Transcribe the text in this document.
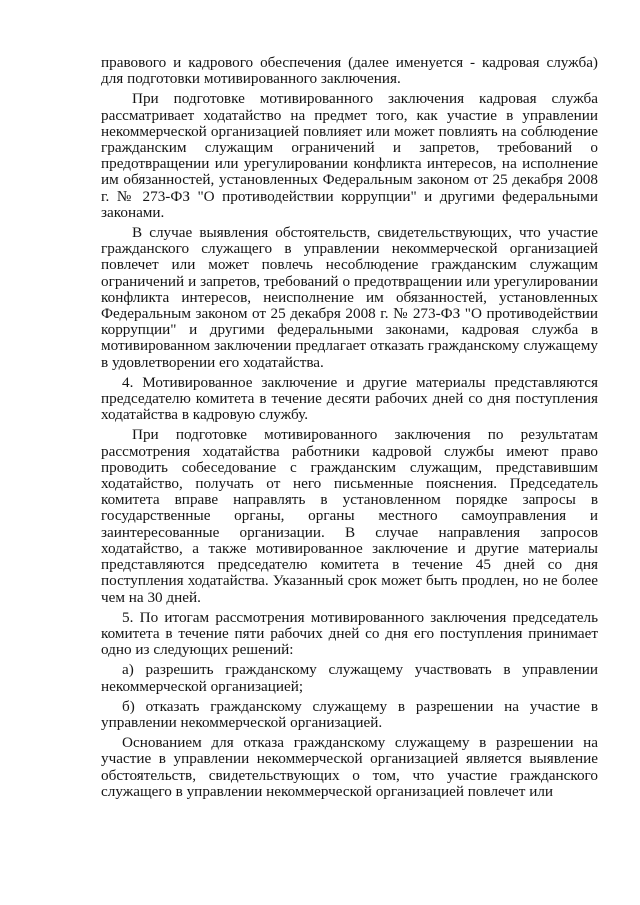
правового и кадрового обеспечения (далее именуется - кадровая служба) для подготовки мотивированного заключения.

При подготовке мотивированного заключения кадровая служба рассматривает ходатайство на предмет того, как участие в управлении некоммерческой организацией повлияет или может повлиять на соблюдение гражданским служащим ограничений и запретов, требований о предотвращении или урегулировании конфликта интересов, на исполнение им обязанностей, установленных Федеральным законом от 25 декабря 2008 г. № 273-ФЗ "О противодействии коррупции" и другими федеральными законами.

В случае выявления обстоятельств, свидетельствующих, что участие гражданского служащего в управлении некоммерческой организацией повлечет или может повлечь несоблюдение гражданским служащим ограничений и запретов, требований о предотвращении или урегулировании конфликта интересов, неисполнение им обязанностей, установленных Федеральным законом от 25 декабря 2008 г. № 273-ФЗ "О противодействии коррупции" и другими федеральными законами, кадровая служба в мотивированном заключении предлагает отказать гражданскому служащему в удовлетворении его ходатайства.

4. Мотивированное заключение и другие материалы представляются председателю комитета в течение десяти рабочих дней со дня поступления ходатайства в кадровую службу.

При подготовке мотивированного заключения по результатам рассмотрения ходатайства работники кадровой службы имеют право проводить собеседование с гражданским служащим, представившим ходатайство, получать от него письменные пояснения. Председатель комитета вправе направлять в установленном порядке запросы в государственные органы, органы местного самоуправления и заинтересованные организации. В случае направления запросов ходатайство, а также мотивированное заключение и другие материалы представляются председателю комитета в течение 45 дней со дня поступления ходатайства. Указанный срок может быть продлен, но не более чем на 30 дней.

5. По итогам рассмотрения мотивированного заключения председатель комитета в течение пяти рабочих дней со дня его поступления принимает одно из следующих решений:

а) разрешить гражданскому служащему участвовать в управлении некоммерческой организацией;

б) отказать гражданскому служащему в разрешении на участие в управлении некоммерческой организацией.

Основанием для отказа гражданскому служащему в разрешении на участие в управлении некоммерческой организацией является выявление обстоятельств, свидетельствующих о том, что участие гражданского служащего в управлении некоммерческой организацией повлечет или
